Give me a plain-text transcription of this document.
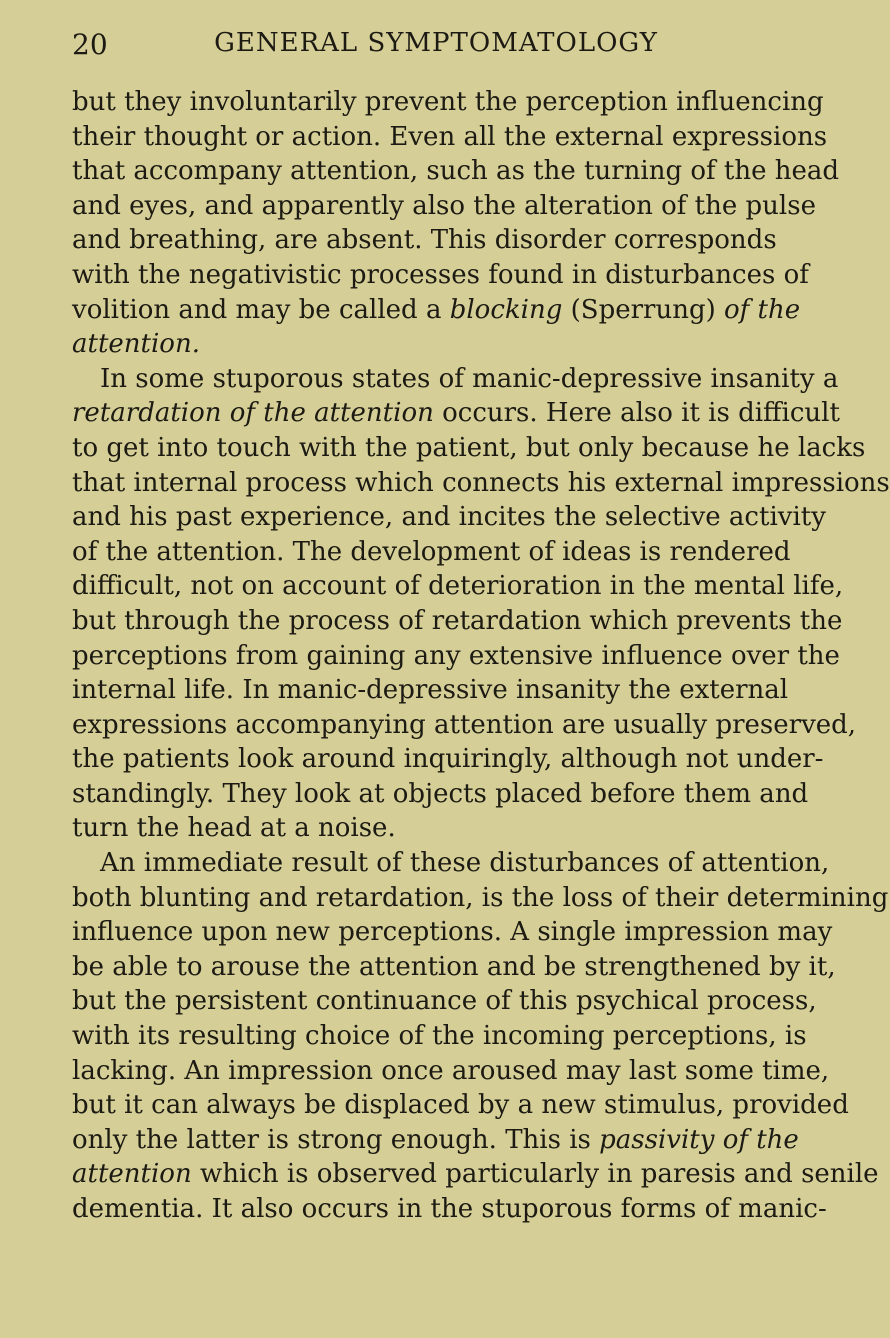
20	GENERAL SYMPTOMATOLOGY
but they involuntarily prevent the perception influencing
their thought or action. Even all the external expressions
that accompany attention, such as the turning of the head
and eyes, and apparently also the alteration of the pulse
and breathing, are absent. This disorder corresponds
with the negativistic processes found in disturbances of
volition and may be called a blocking (Sperrung) of the
attention.
In some stuporous states of manic-depressive insanity a
retardation of the attention occurs. Here also it is difficult
to get into touch with the patient, but only because he lacks
that internal process which connects his external impressions
and his past experience, and incites the selective activity
of the attention. The development of ideas is rendered
difficult, not on account of deterioration in the mental life,
but through the process of retardation which prevents the
perceptions from gaining any extensive influence over the
internal life. In manic-depressive insanity the external
expressions accompanying attention are usually preserved,
the patients look around inquiringly, although not under-
standingly. They look at objects placed before them and
turn the head at a noise.
An immediate result of these disturbances of attention,
both blunting and retardation, is the loss of their determining
influence upon new perceptions. A single impression may
be able to arouse the attention and be strengthened by it,
but the persistent continuance of this psychical process,
with its resulting choice of the incoming perceptions, is
lacking. An impression once aroused may last some time,
but it can always be displaced by a new stimulus, provided
only the latter is strong enough. This is passivity of the
attention which is observed particularly in paresis and senile
dementia. It also occurs in the stuporous forms of manic-
